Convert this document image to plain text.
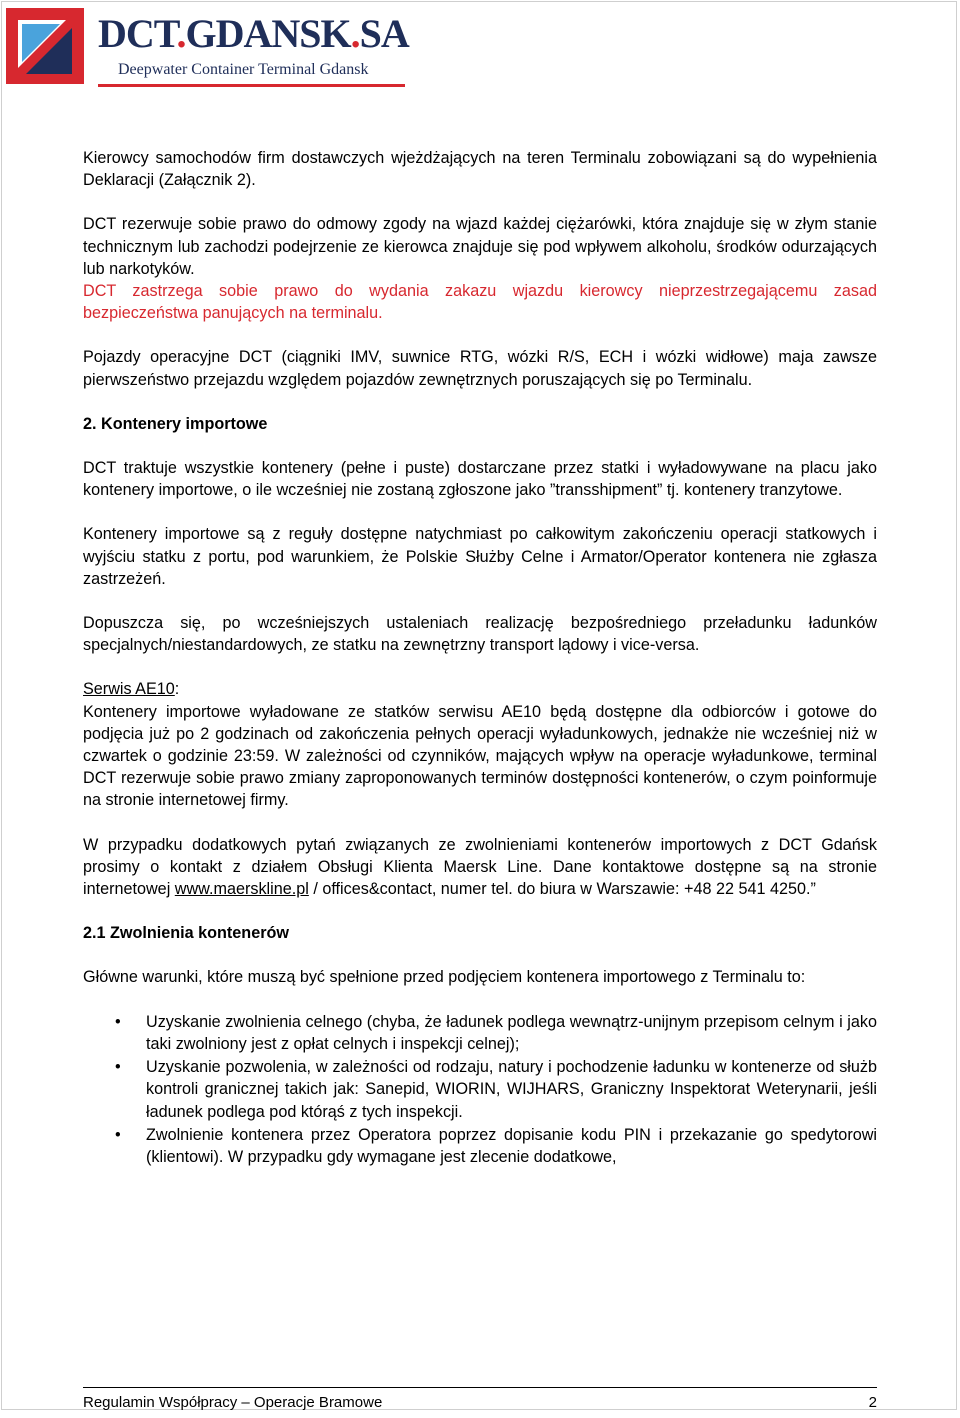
DCT.GDANSK.SA
Deepwater Container Terminal Gdansk

Kierowcy samochodów firm dostawczych wjeżdżających na teren Terminalu zobowiązani są do wypełnienia Deklaracji (Załącznik 2).

DCT rezerwuje sobie prawo do odmowy zgody na wjazd każdej ciężarówki, która znajduje się w złym stanie technicznym lub zachodzi podejrzenie ze kierowca znajduje się pod wpływem alkoholu, środków odurzających lub narkotyków.

DCT zastrzega sobie prawo do wydania zakazu wjazdu kierowcy nieprzestrzegającemu zasad bezpieczeństwa panujących na terminalu.

Pojazdy operacyjne DCT (ciągniki IMV, suwnice RTG, wózki R/S, ECH i wózki widłowe) maja zawsze pierwszeństwo przejazdu względem pojazdów zewnętrznych poruszających się po Terminalu.

2. Kontenery importowe

DCT traktuje wszystkie kontenery (pełne i puste) dostarczane przez statki i wyładowywane na placu jako kontenery importowe, o ile wcześniej nie zostaną zgłoszone jako ”transshipment” tj. kontenery tranzytowe.

Kontenery importowe są z reguły dostępne natychmiast po całkowitym zakończeniu operacji statkowych i wyjściu statku z portu, pod warunkiem, że Polskie Służby Celne i Armator/Operator kontenera nie zgłasza zastrzeżeń.

Dopuszcza się, po wcześniejszych ustaleniach realizację bezpośredniego przeładunku ładunków specjalnych/niestandardowych, ze statku na zewnętrzny transport lądowy i vice-versa.

Serwis AE10:
Kontenery importowe wyładowane ze statków serwisu AE10 będą dostępne dla odbiorców i gotowe do podjęcia już po 2 godzinach od zakończenia pełnych operacji wyładunkowych, jednakże nie wcześniej niż w czwartek o godzinie 23:59. W zależności od czynników, mających wpływ na operacje wyładunkowe, terminal DCT rezerwuje sobie prawo zmiany zaproponowanych terminów dostępności kontenerów, o czym poinformuje na stronie internetowej firmy.

W przypadku dodatkowych pytań związanych ze zwolnieniami kontenerów importowych z DCT Gdańsk prosimy o kontakt z działem Obsługi Klienta Maersk Line. Dane kontaktowe dostępne są na stronie internetowej www.maerskline.pl / offices&contact, numer tel. do biura w Warszawie: +48 22 541 4250.”

2.1 Zwolnienia kontenerów

Główne warunki, które muszą być spełnione przed podjęciem kontenera importowego z Terminalu to:

• Uzyskanie zwolnienia celnego (chyba, że ładunek podlega wewnątrz-unijnym przepisom celnym i jako taki zwolniony jest z opłat celnych i inspekcji celnej);
• Uzyskanie pozwolenia, w zależności od rodzaju, natury i pochodzenie ładunku w kontenerze od służb kontroli granicznej takich jak: Sanepid, WIORIN, WIJHARS, Graniczny Inspektorat Weterynarii, jeśli ładunek podlega pod którąś z tych inspekcji.
• Zwolnienie kontenera przez Operatora poprzez dopisanie kodu PIN i przekazanie go spedytorowi (klientowi). W przypadku gdy wymagane jest zlecenie dodatkowe,
Regulamin Współpracy – Operacje Bramowe	2
